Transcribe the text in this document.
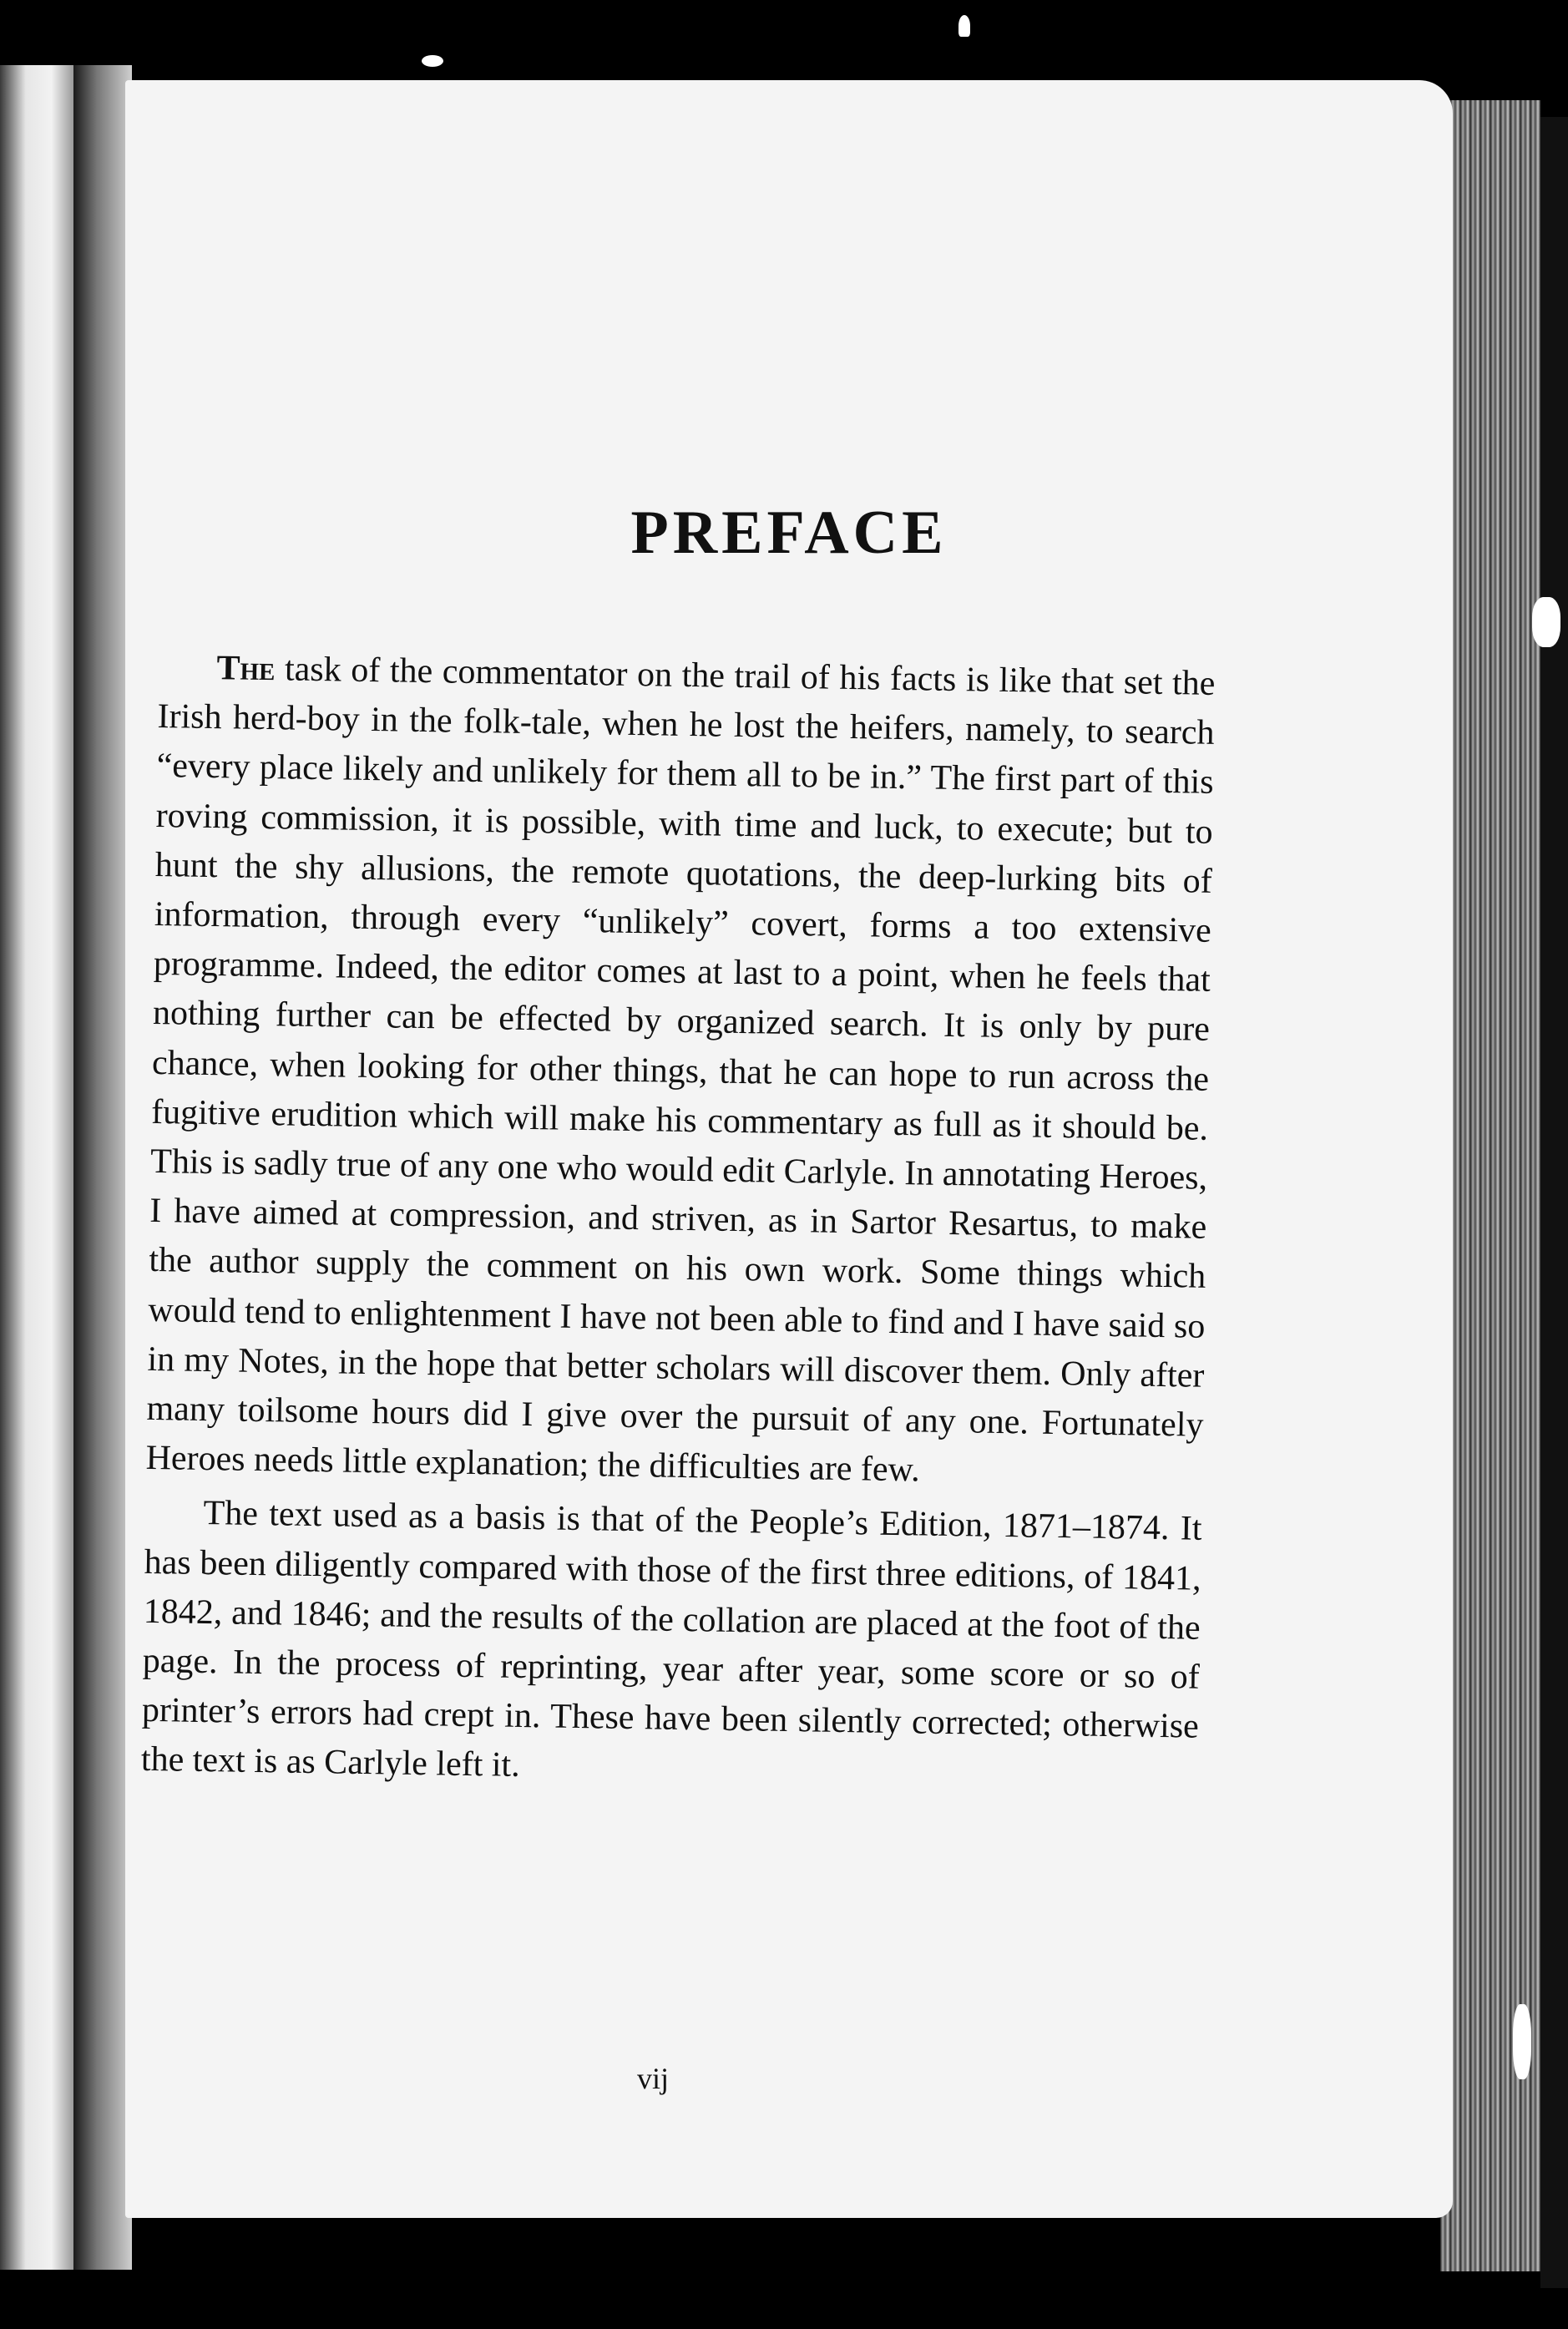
PREFACE

The task of the commentator on the trail of his facts is like that set the Irish herd-boy in the folk-tale, when he lost the heifers, namely, to search “every place likely and unlikely for them all to be in.” The first part of this roving commission, it is possible, with time and luck, to execute; but to hunt the shy allusions, the remote quotations, the deep-lurking bits of information, through every “unlikely” covert, forms a too extensive programme. Indeed, the editor comes at last to a point, when he feels that nothing further can be effected by organized search. It is only by pure chance, when looking for other things, that he can hope to run across the fugitive erudition which will make his commentary as full as it should be. This is sadly true of any one who would edit Carlyle. In annotating Heroes, I have aimed at compression, and striven, as in Sartor Resartus, to make the author supply the comment on his own work. Some things which would tend to enlightenment I have not been able to find and I have said so in my Notes, in the hope that better scholars will discover them. Only after many toilsome hours did I give over the pursuit of any one. Fortunately Heroes needs little explanation; the difficulties are few.

The text used as a basis is that of the People’s Edition, 1871–1874. It has been diligently compared with those of the first three editions, of 1841, 1842, and 1846; and the results of the collation are placed at the foot of the page. In the process of reprinting, year after year, some score or so of printer’s errors had crept in. These have been silently corrected; otherwise the text is as Carlyle left it.

vij
